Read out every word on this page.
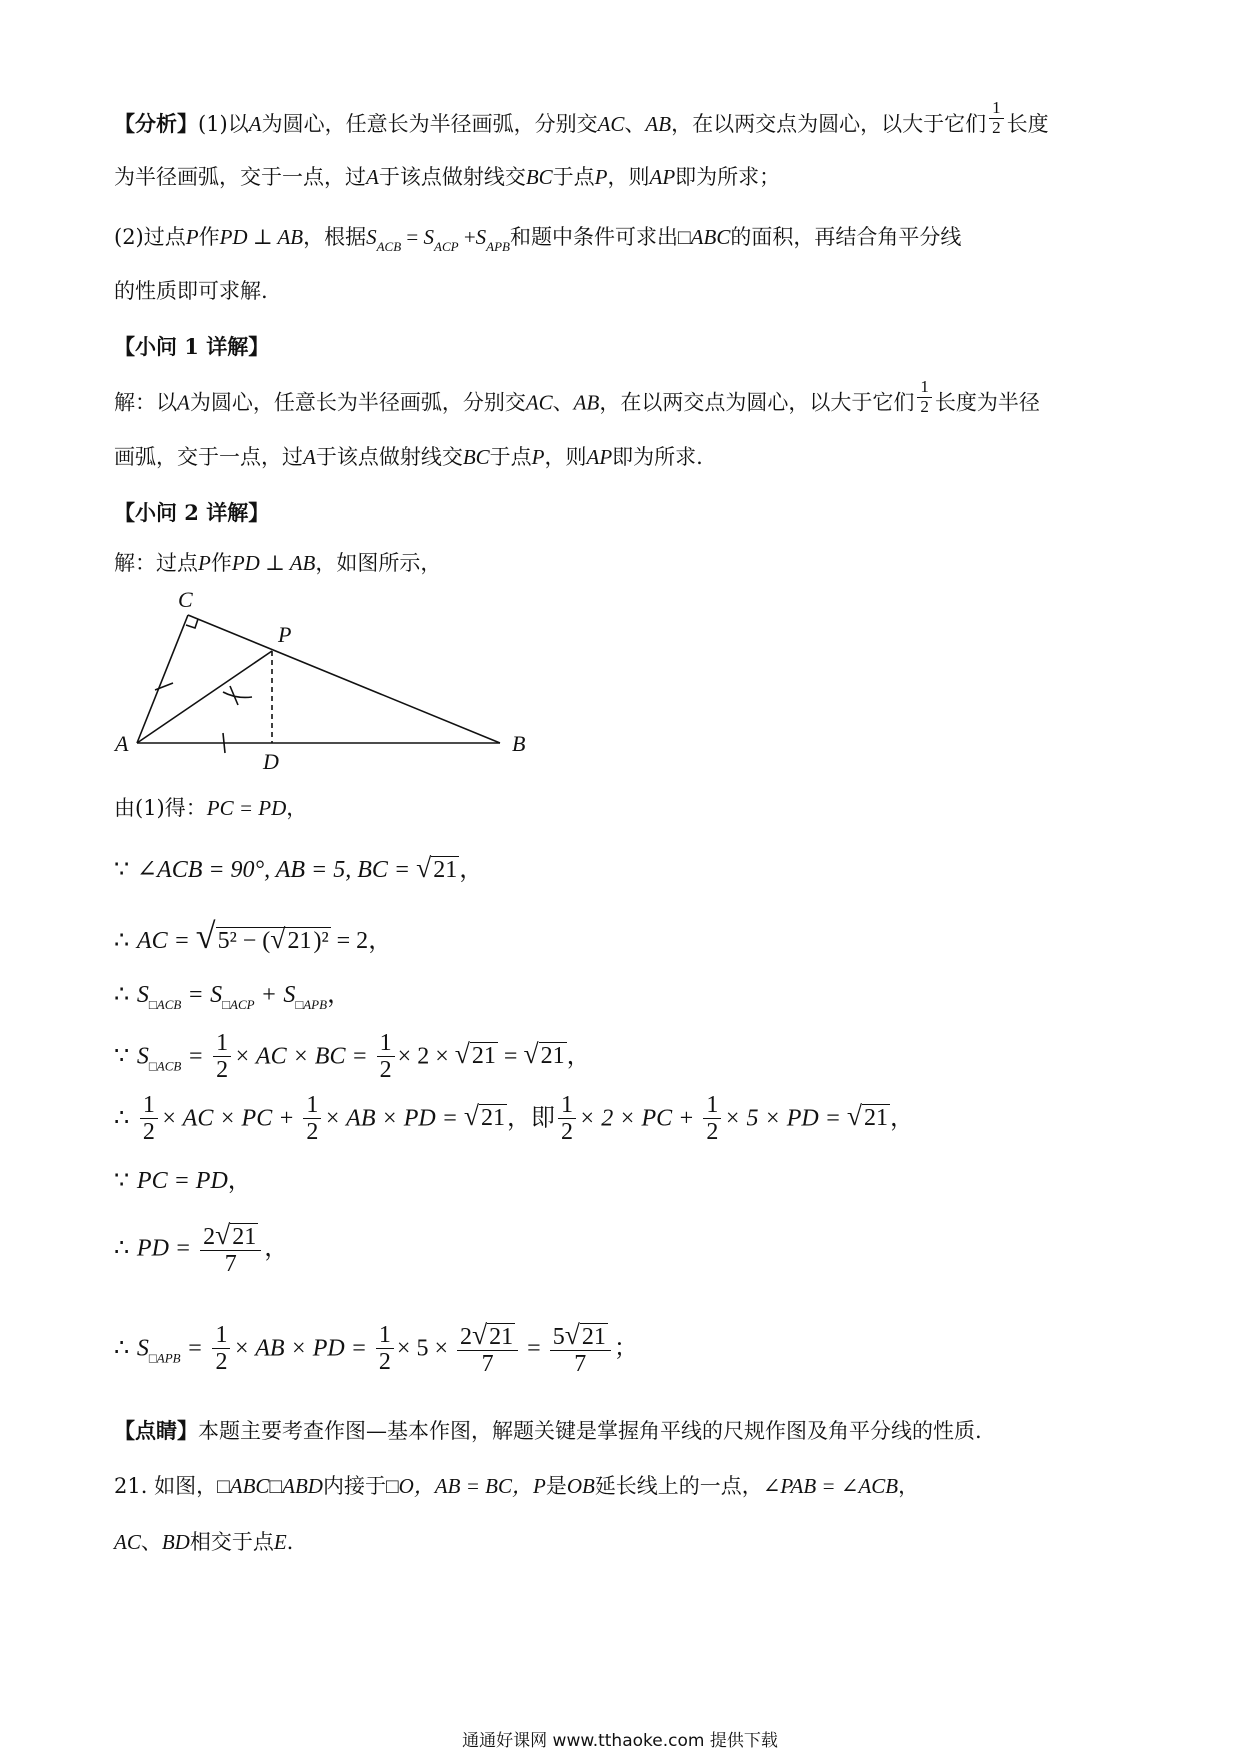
【分析】(1)以A为圆心，任意长为半径画弧，分别交AC、AB，在以两交点为圆心，以大于它们 $\frac{1}{2}$ 长度
为半径画弧，交于一点，过A于该点做射线交BC于点P，则AP即为所求；
(2)过点P作PD ⊥ AB，根据$S_{ACB} = S_{ACP} +S_{APB}$和题中条件可求出□ABC的面积，再结合角平分线
的性质即可求解.
【小问 1 详解】
解：以A为圆心，任意长为半径画弧，分别交AC、AB，在以两交点为圆心，以大于它们 $\frac{1}{2}$ 长度为半径
画弧，交于一点，过A于该点做射线交BC于点P，则AP即为所求.
【小问 2 详解】
解：过点P作PD ⊥ AB，如图所示，
C
P
A
D
B
由(1)得：PC = PD，
∵ ∠ACB = 90°, AB = 5, BC = √21，
∴ AC = √5² − (√21)² = 2，
∴ $S_{□ACB} = S_{□ACP} + S_{□APB}$，
∵ $S_{□ACB} = \frac{1}{2}$ × AC × BC = $\frac{1}{2} \times 2 \times √21 = √21$，
∴ $\frac{1}{2}$ × AC × PC + $\frac{1}{2}$ × AB × PD = √21，即 $\frac{1}{2} \times 2$ × PC + $\frac{1}{2} \times 5$ × PD = √21，
∵ PC = PD，
∴ PD = $\frac{2√21}{7}$ ，
∴ $S_{□APB} = \frac{1}{2}$ × AB × PD = $\frac{1}{2} \times 5 \times \frac{2√21}{7} = \frac{5√21}{7}$ ；
【点睛】本题主要考查作图—基本作图，解题关键是掌握角平线的尺规作图及角平分线的性质.
21. 如图，□ABC□ABD内接于□O，AB = BC，P是OB延长线上的一点，∠PAB = ∠ACB，
AC、BD相交于点E.
通通好课网 www.tthaoke.com 提供下载
